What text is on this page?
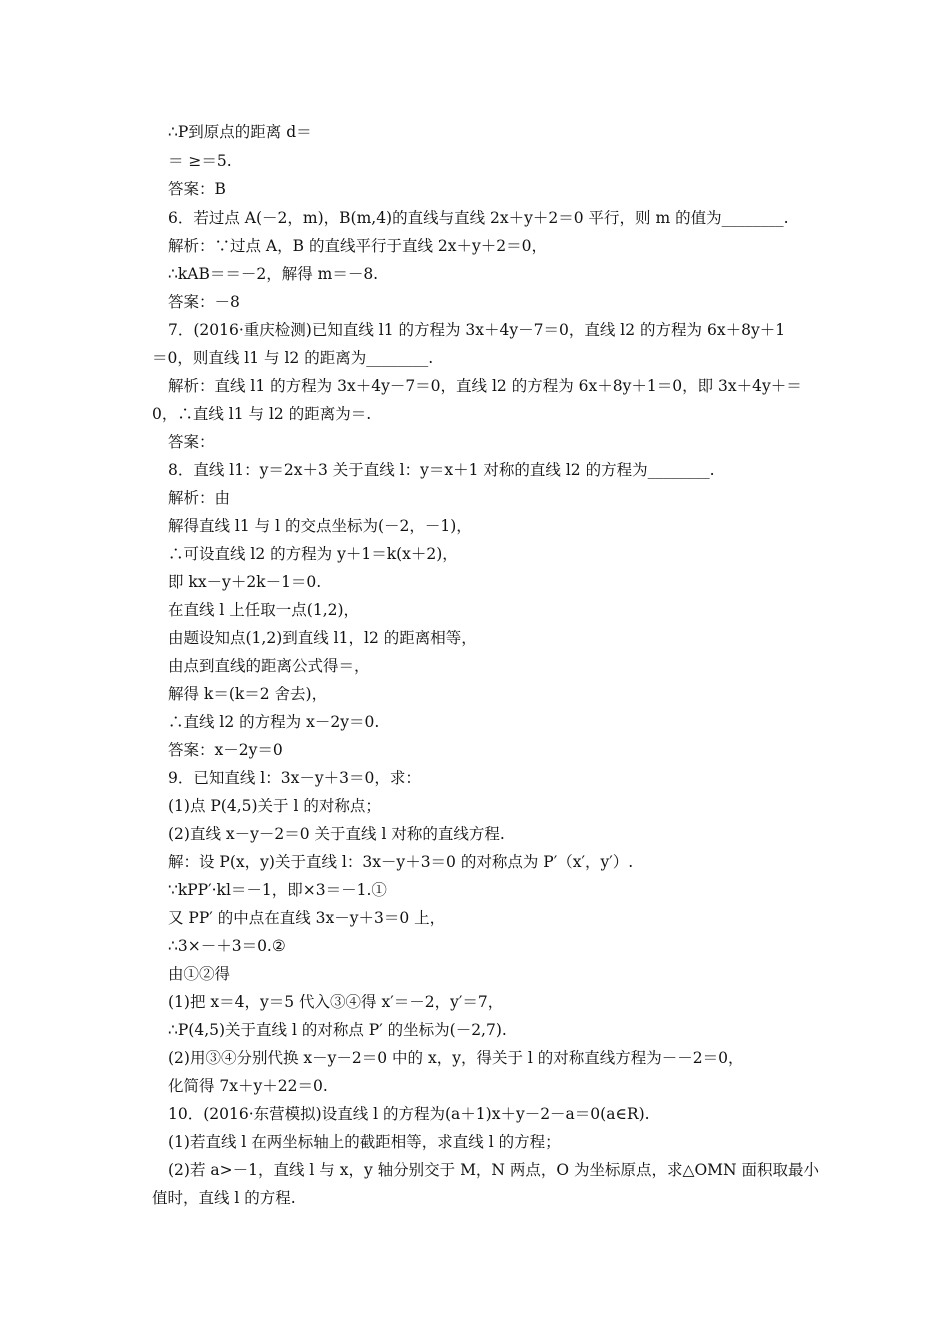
∴P到原点的距离 d＝
＝ ≥＝5.
答案：B
6．若过点 A(－2，m)，B(m,4)的直线与直线 2x＋y＋2＝0 平行，则 m 的值为________.
解析：∵过点 A，B 的直线平行于直线 2x＋y＋2＝0，
∴kAB＝＝－2，解得 m＝－8.
答案：－8
7．(2016·重庆检测)已知直线 l1 的方程为 3x＋4y－7＝0，直线 l2 的方程为 6x＋8y＋1
＝0，则直线 l1 与 l2 的距离为________.
解析：直线 l1 的方程为 3x＋4y－7＝0，直线 l2 的方程为 6x＋8y＋1＝0，即 3x＋4y＋＝
0，∴直线 l1 与 l2 的距离为＝.
答案：
8．直线 l1：y＝2x＋3 关于直线 l：y＝x＋1 对称的直线 l2 的方程为________.
解析：由
解得直线 l1 与 l 的交点坐标为(－2，－1)，
∴可设直线 l2 的方程为 y＋1＝k(x＋2)，
即 kx－y＋2k－1＝0.
在直线 l 上任取一点(1,2)，
由题设知点(1,2)到直线 l1，l2 的距离相等，
由点到直线的距离公式得＝，
解得 k＝(k＝2 舍去)，
∴直线 l2 的方程为 x－2y＝0.
答案：x－2y＝0
9．已知直线 l：3x－y＋3＝0，求：
(1)点 P(4,5)关于 l 的对称点；
(2)直线 x－y－2＝0 关于直线 l 对称的直线方程.
解：设 P(x，y)关于直线 l：3x－y＋3＝0 的对称点为 P′（x′，y′）.
∵kPP′·kl＝－1，即×3＝－1.①
又 PP′ 的中点在直线 3x－y＋3＝0 上，
∴3×－＋3＝0.②
由①②得
(1)把 x＝4，y＝5 代入③④得 x′＝－2，y′＝7，
∴P(4,5)关于直线 l 的对称点 P′ 的坐标为(－2,7).
(2)用③④分别代换 x－y－2＝0 中的 x，y，得关于 l 的对称直线方程为－－2＝0，
化简得 7x＋y＋22＝0.
10．(2016·东营模拟)设直线 l 的方程为(a＋1)x＋y－2－a＝0(a∈R).
(1)若直线 l 在两坐标轴上的截距相等，求直线 l 的方程；
(2)若 a>－1，直线 l 与 x，y 轴分别交于 M，N 两点，O 为坐标原点，求△OMN 面积取最小
值时，直线 l 的方程.
